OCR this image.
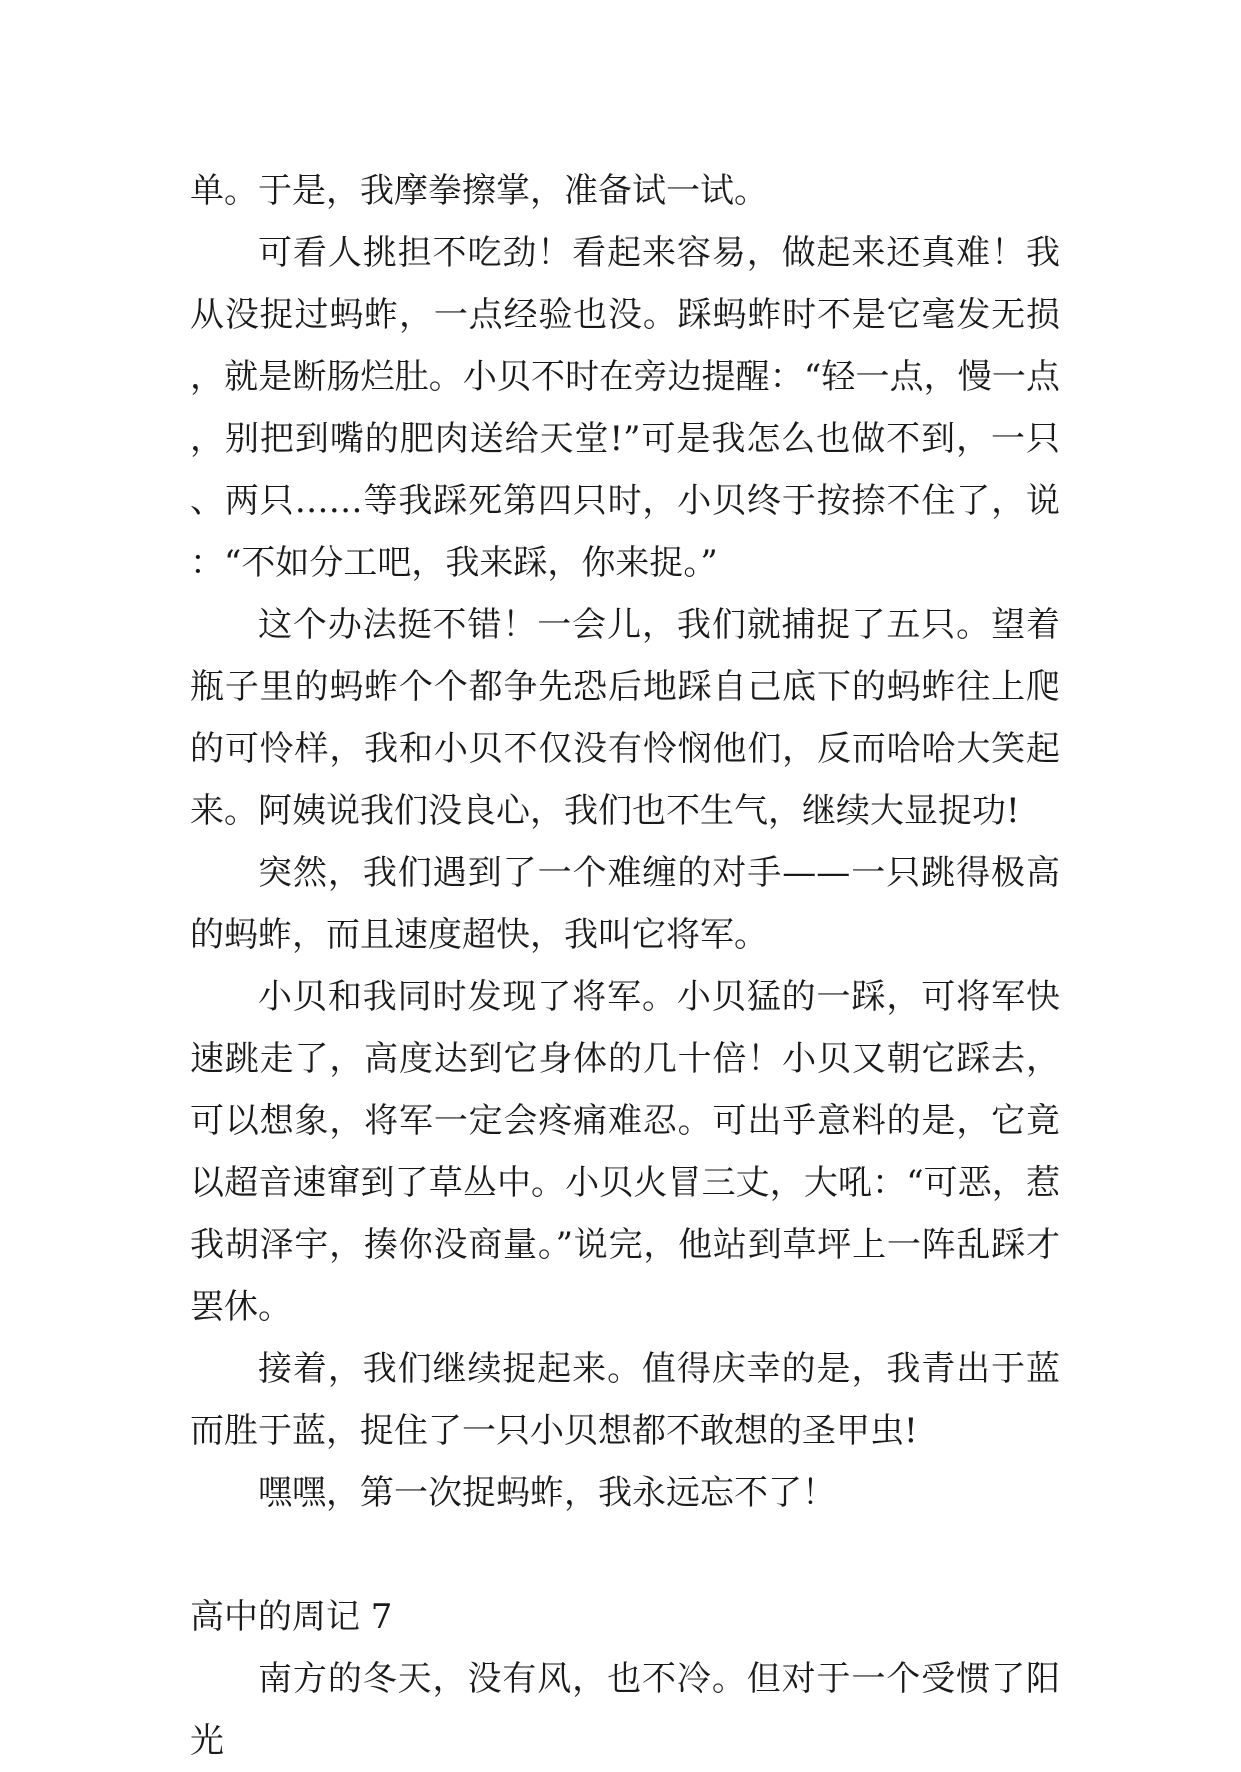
单。于是，我摩拳擦掌，准备试一试。

可看人挑担不吃劲！看起来容易，做起来还真难！我从没捉过蚂蚱，一点经验也没。踩蚂蚱时不是它毫发无损，就是断肠烂肚。小贝不时在旁边提醒：“轻一点，慢一点，别把到嘴的肥肉送给天堂!”可是我怎么也做不到，一只、两只……等我踩死第四只时，小贝终于按捺不住了，说：“不如分工吧，我来踩，你来捉。”

这个办法挺不错！一会儿，我们就捕捉了五只。望着瓶子里的蚂蚱个个都争先恐后地踩自己底下的蚂蚱往上爬的可怜样，我和小贝不仅没有怜悯他们，反而哈哈大笑起来。阿姨说我们没良心，我们也不生气，继续大显捉功!

突然，我们遇到了一个难缠的对手——一只跳得极高的蚂蚱，而且速度超快，我叫它将军。

小贝和我同时发现了将军。小贝猛的一踩，可将军快速跳走了，高度达到它身体的几十倍！小贝又朝它踩去，可以想象，将军一定会疼痛难忍。可出乎意料的是，它竟以超音速窜到了草丛中。小贝火冒三丈，大吼：“可恶，惹我胡泽宇，揍你没商量。”说完，他站到草坪上一阵乱踩才罢休。

接着，我们继续捉起来。值得庆幸的是，我青出于蓝而胜于蓝，捉住了一只小贝想都不敢想的圣甲虫!

嘿嘿，第一次捉蚂蚱，我永远忘不了！

高中的周记 7

南方的冬天，没有风，也不冷。但对于一个受惯了阳光
